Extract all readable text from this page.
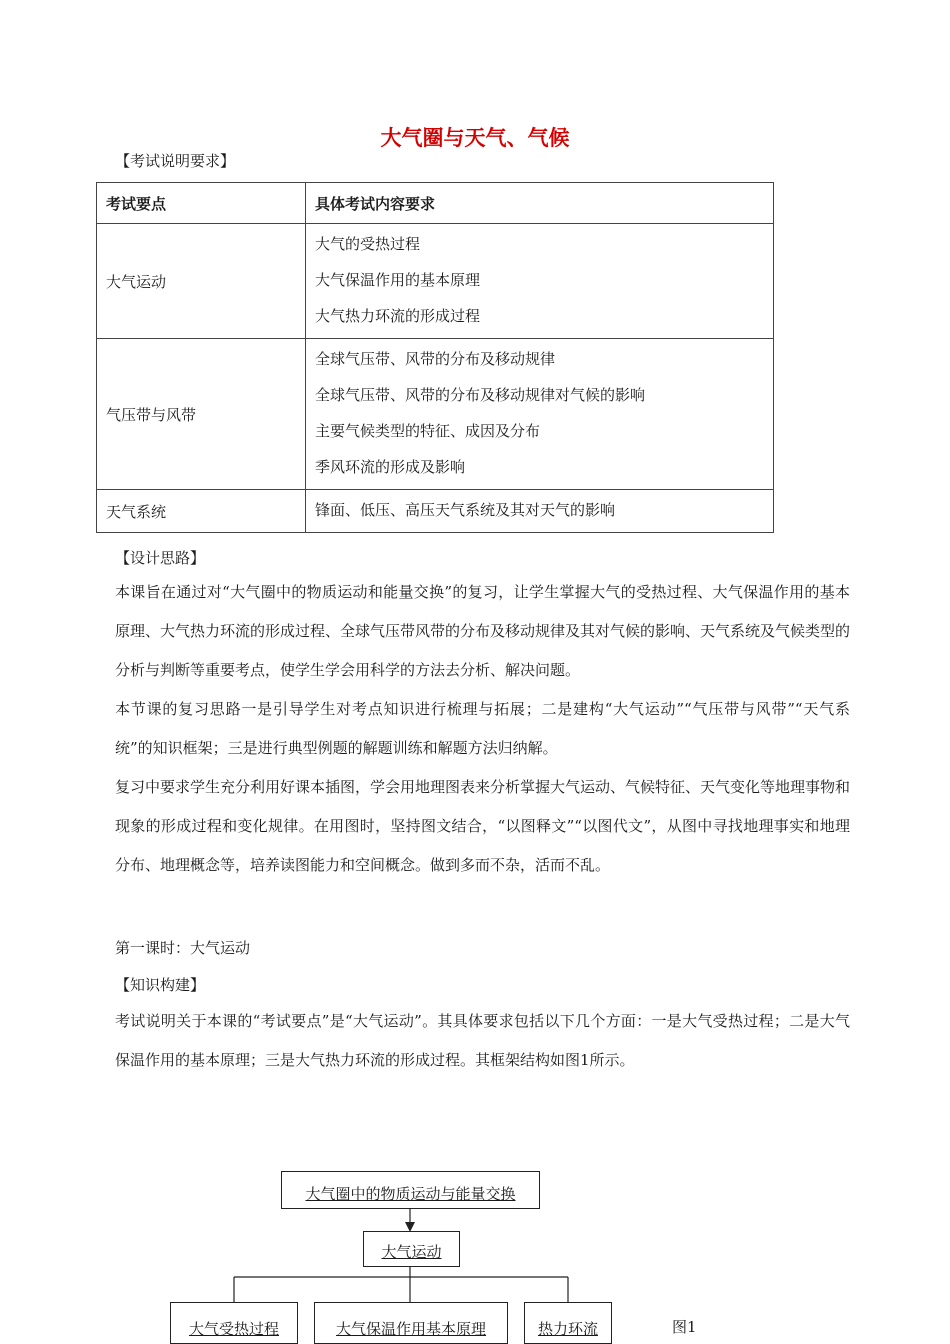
大气圈与天气、气候
【考试说明要求】
考试要点	具体考试内容要求
大气运动	大气的受热过程
大气保温作用的基本原理
大气热力环流的形成过程

气压带与风带	全球气压带、风带的分布及移动规律
全球气压带、风带的分布及移动规律对气候的影响
主要气候类型的特征、成因及分布
季风环流的形成及影响

天气系统	锋面、低压、高压天气系统及其对天气的影响
【设计思路】
本课旨在通过对“大气圈中的物质运动和能量交换”的复习，让学生掌握大气的受热过程、大气保温作用的基本原理、大气热力环流的形成过程、全球气压带风带的分布及移动规律及其对气候的影响、天气系统及气候类型的分析与判断等重要考点，使学生学会用科学的方法去分析、解决问题。
本节课的复习思路一是引导学生对考点知识进行梳理与拓展；二是建构“大气运动”“气压带与风带”“天气系统”的知识框架；三是进行典型例题的解题训练和解题方法归纳解。
复习中要求学生充分利用好课本插图，学会用地理图表来分析掌握大气运动、气候特征、天气变化等地理事物和现象的形成过程和变化规律。在用图时，坚持图文结合，“以图释文”“以图代文”，从图中寻找地理事实和地理分布、地理概念等，培养读图能力和空间概念。做到多而不杂，活而不乱。
第一课时：大气运动
【知识构建】
考试说明关于本课的“考试要点”是“大气运动”。其具体要求包括以下几个方面：一是大气受热过程；二是大气保温作用的基本原理；三是大气热力环流的形成过程。其框架结构如图1所示。
大气圈中的物质运动与能量交换
大气运动
大气受热过程	大气保温作用基本原理	热力环流	图1
